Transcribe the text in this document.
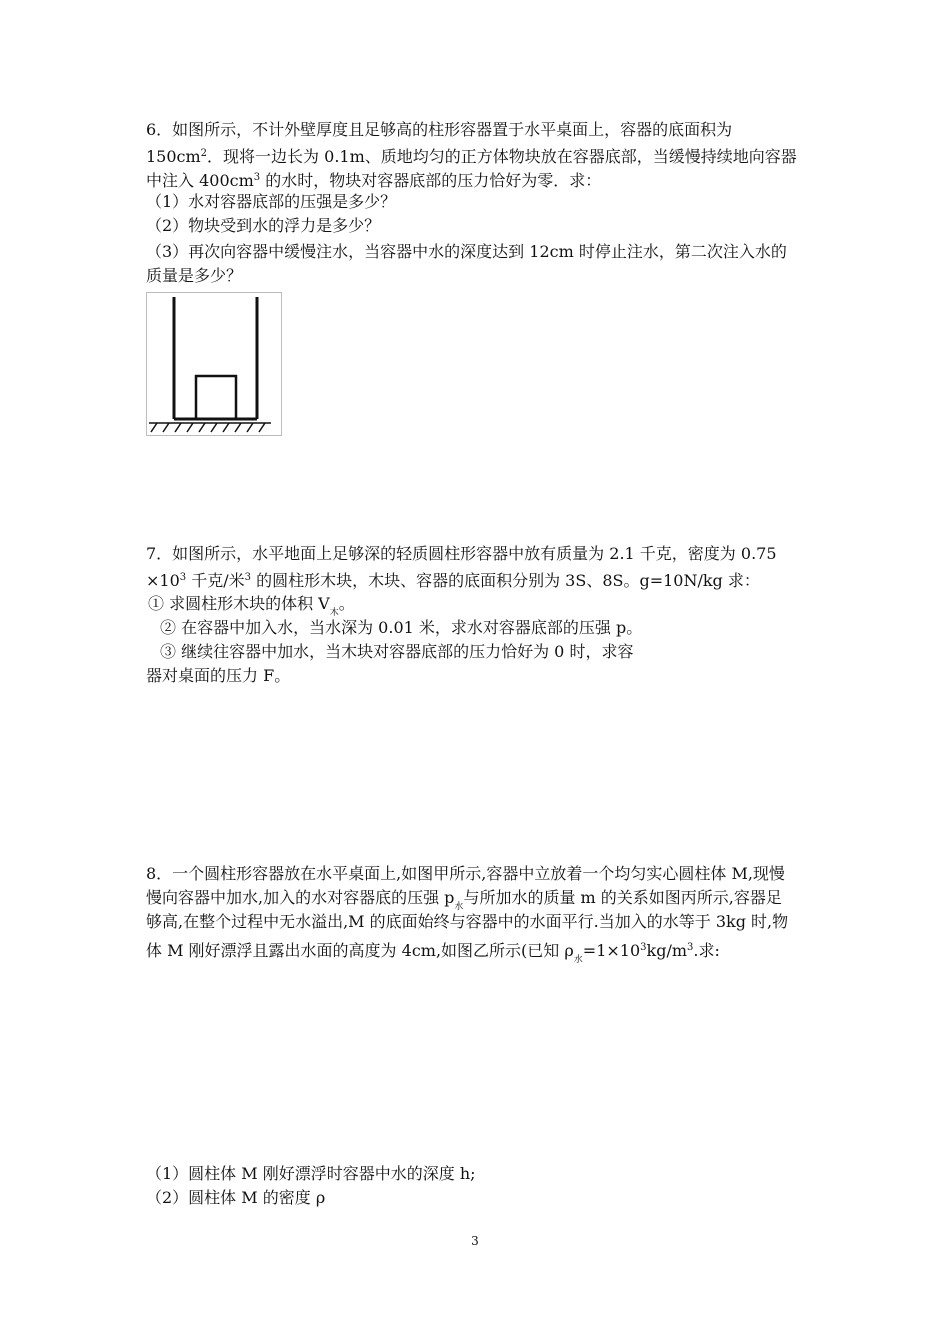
6．如图所示，不计外壁厚度且足够高的柱形容器置于水平桌面上，容器的底面积为
$150cm^2$．现将一边长为 0.1m、质地均匀的正方体物块放在容器底部，当缓慢持续地向容器
中注入 $400cm^3$ 的水时，物块对容器底部的压力恰好为零．求：
（1）水对容器底部的压强是多少？
（2）物块受到水的浮力是多少？
（3）再次向容器中缓慢注水，当容器中水的深度达到 12cm 时停止注水，第二次注入水的
质量是多少？
7．如图所示，水平地面上足够深的轻质圆柱形容器中放有质量为 2.1 千克，密度为 0.75
$\times 10^3$ 千克/米$^3$ 的圆柱形木块，木块、容器的底面积分别为 3S、8S。g=10N/kg 求：
① 求圆柱形木块的体积 $V_木$。
② 在容器中加入水，当水深为 0.01 米，求水对容器底部的压强 p。
③ 继续往容器中加水，当木块对容器底部的压力恰好为 0 时，求容
器对桌面的压力 F。
8．一个圆柱形容器放在水平桌面上,如图甲所示,容器中立放着一个均匀实心圆柱体 M,现慢
慢向容器中加水,加入的水对容器底的压强 $p_水$与所加水的质量 m 的关系如图丙所示,容器足
够高,在整个过程中无水溢出,M 的底面始终与容器中的水面平行.当加入的水等于 3kg 时,物
体 M 刚好漂浮且露出水面的高度为 4cm,如图乙所示(已知 $\rho_水=1\times 10^3kg/m^3$.求:
（1）圆柱体 M 刚好漂浮时容器中水的深度 h;
（2）圆柱体 M 的密度 ρ
3
